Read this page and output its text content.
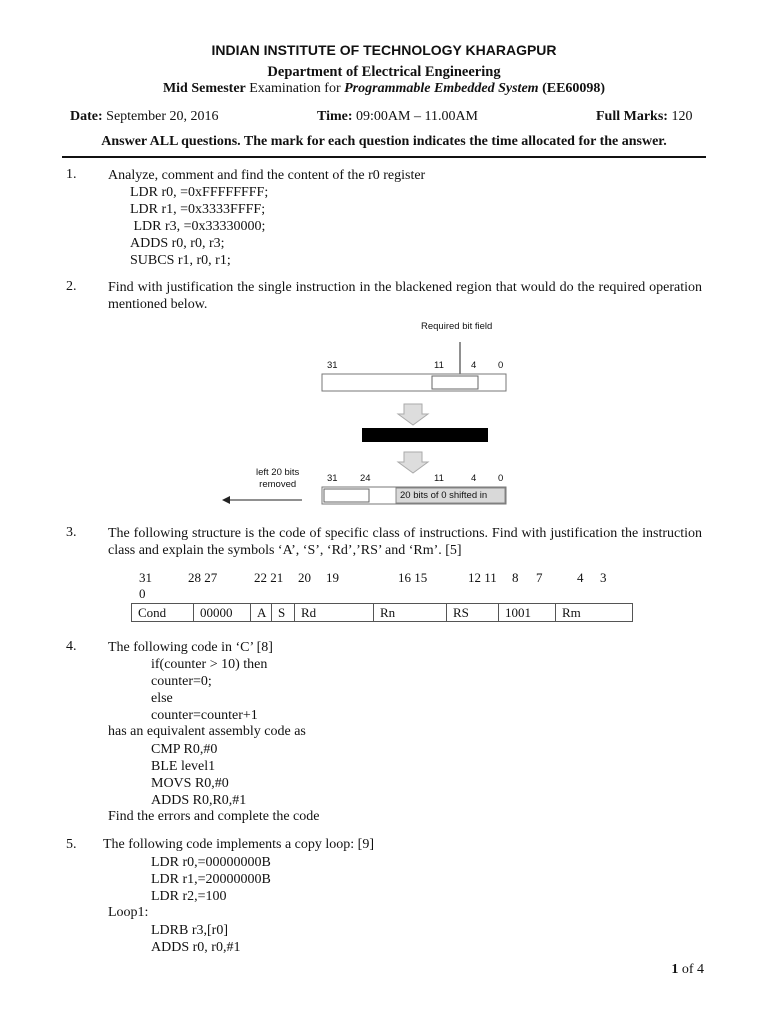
INDIAN INSTITUTE OF TECHNOLOGY KHARAGPUR
Department of Electrical Engineering
Mid Semester Examination for Programmable Embedded System (EE60098)
Date: September 20, 2016	Time: 09:00AM – 11.00AM	Full Marks: 120
Answer ALL questions. The mark for each question indicates the time allocated for the answer.
1. Analyze, comment and find the content of the r0 register
LDR r0, =0xFFFFFFFF;
LDR r1, =0x3333FFFF;
LDR r3, =0x33330000;
ADDS r0, r0, r3;
SUBCS r1, r0, r1;
2. Find with justification the single instruction in the blackened region that would do the required operation mentioned below.
Required bit field
31	11	4 0
left 20 bits
removed
31 24	11	4 0
20 bits of 0 shifted in
3. The following structure is the code of specific class of instructions. Find with justification the instruction class and explain the symbols ‘A’, ‘S’, ‘Rd’,’RS’ and ‘Rm’. [5]
31	28 27	22 21 20 19	16 15	12 11 8 7	4 3
0
Cond	00000	A	S	Rd	Rn	RS	1001	Rm
4. The following code in ‘C’ [8]
if(counter > 10) then
counter=0;
else
counter=counter+1
has an equivalent assembly code as
CMP R0,#0
BLE level1
MOVS R0,#0
ADDS R0,R0,#1
Find the errors and complete the code
5. The following code implements a copy loop: [9]
LDR r0,=00000000B
LDR r1,=20000000B
LDR r2,=100
Loop1:
LDRB r3,[r0]
ADDS r0, r0,#1
1 of 4
